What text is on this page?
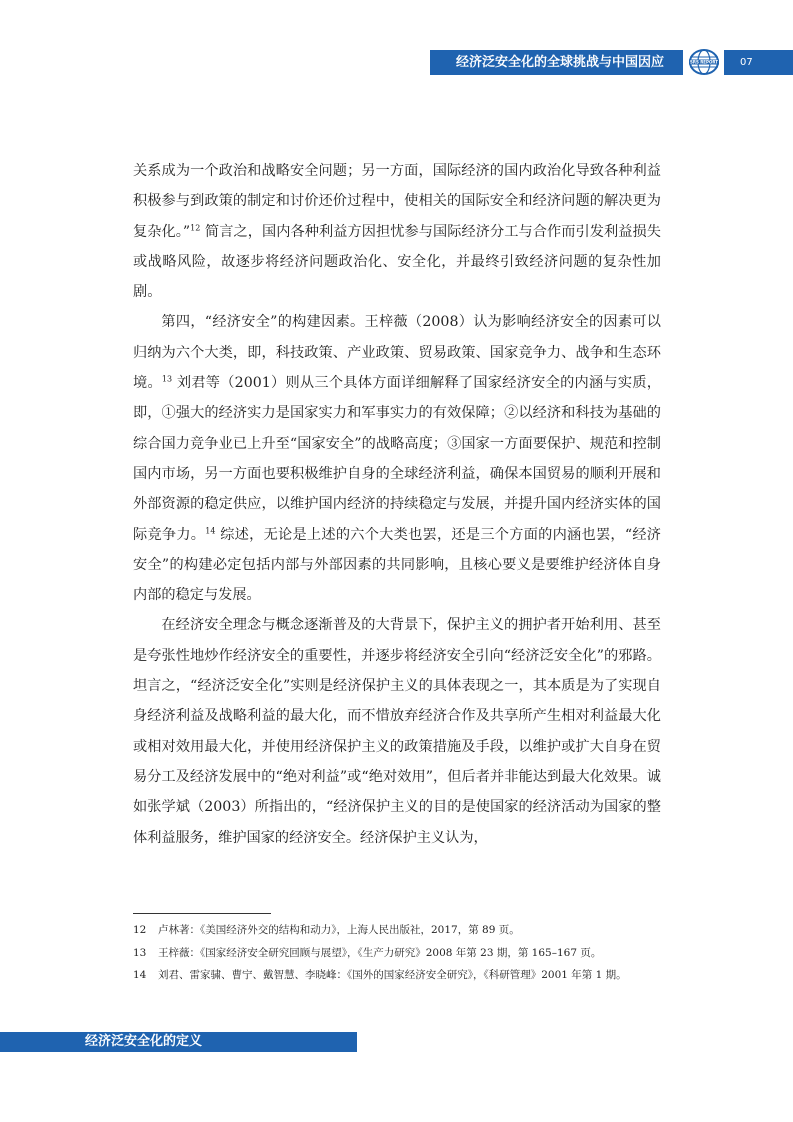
经济泛安全化的全球挑战与中国因应	SRS REPORT	07

关系成为一个政治和战略安全问题；另一方面，国际经济的国内政治化导致各种利益积极参与到政策的制定和讨价还价过程中，使相关的国际安全和经济问题的解决更为复杂化。”$^{12}$ 简言之，国内各种利益方因担忧参与国际经济分工与合作而引发利益损失或战略风险，故逐步将经济问题政治化、安全化，并最终引致经济问题的复杂性加剧。

第四，“经济安全”的构建因素。王梓薇（2008）认为影响经济安全的因素可以归纳为六个大类，即，科技政策、产业政策、贸易政策、国家竞争力、战争和生态环境。$^{13}$ 刘君等（2001）则从三个具体方面详细解释了国家经济安全的内涵与实质，即，①强大的经济实力是国家实力和军事实力的有效保障；②以经济和科技为基础的综合国力竞争业已上升至“国家安全”的战略高度；③国家一方面要保护、规范和控制国内市场，另一方面也要积极维护自身的全球经济利益，确保本国贸易的顺利开展和外部资源的稳定供应，以维护国内经济的持续稳定与发展，并提升国内经济实体的国际竞争力。$^{14}$ 综述，无论是上述的六个大类也罢，还是三个方面的内涵也罢，“经济安全”的构建必定包括内部与外部因素的共同影响，且核心要义是要维护经济体自身内部的稳定与发展。

在经济安全理念与概念逐渐普及的大背景下，保护主义的拥护者开始利用、甚至是夸张性地炒作经济安全的重要性，并逐步将经济安全引向“经济泛安全化”的邪路。坦言之，“经济泛安全化”实则是经济保护主义的具体表现之一，其本质是为了实现自身经济利益及战略利益的最大化，而不惜放弃经济合作及共享所产生相对利益最大化或相对效用最大化，并使用经济保护主义的政策措施及手段，以维护或扩大自身在贸易分工及经济发展中的“绝对利益”或“绝对效用”，但后者并非能达到最大化效果。诚如张学斌（2003）所指出的，“经济保护主义的目的是使国家的经济活动为国家的整体利益服务，维护国家的经济安全。经济保护主义认为，

12 卢林著：《美国经济外交的结构和动力》，上海人民出版社，2017，第 89 页。
13 王梓薇：《国家经济安全研究回顾与展望》，《生产力研究》2008 年第 23 期，第 165–167 页。
14 刘君、雷家骕、曹宁、戴智慧、李晓峰：《国外的国家经济安全研究》，《科研管理》2001 年第 1 期。
经济泛安全化的定义
